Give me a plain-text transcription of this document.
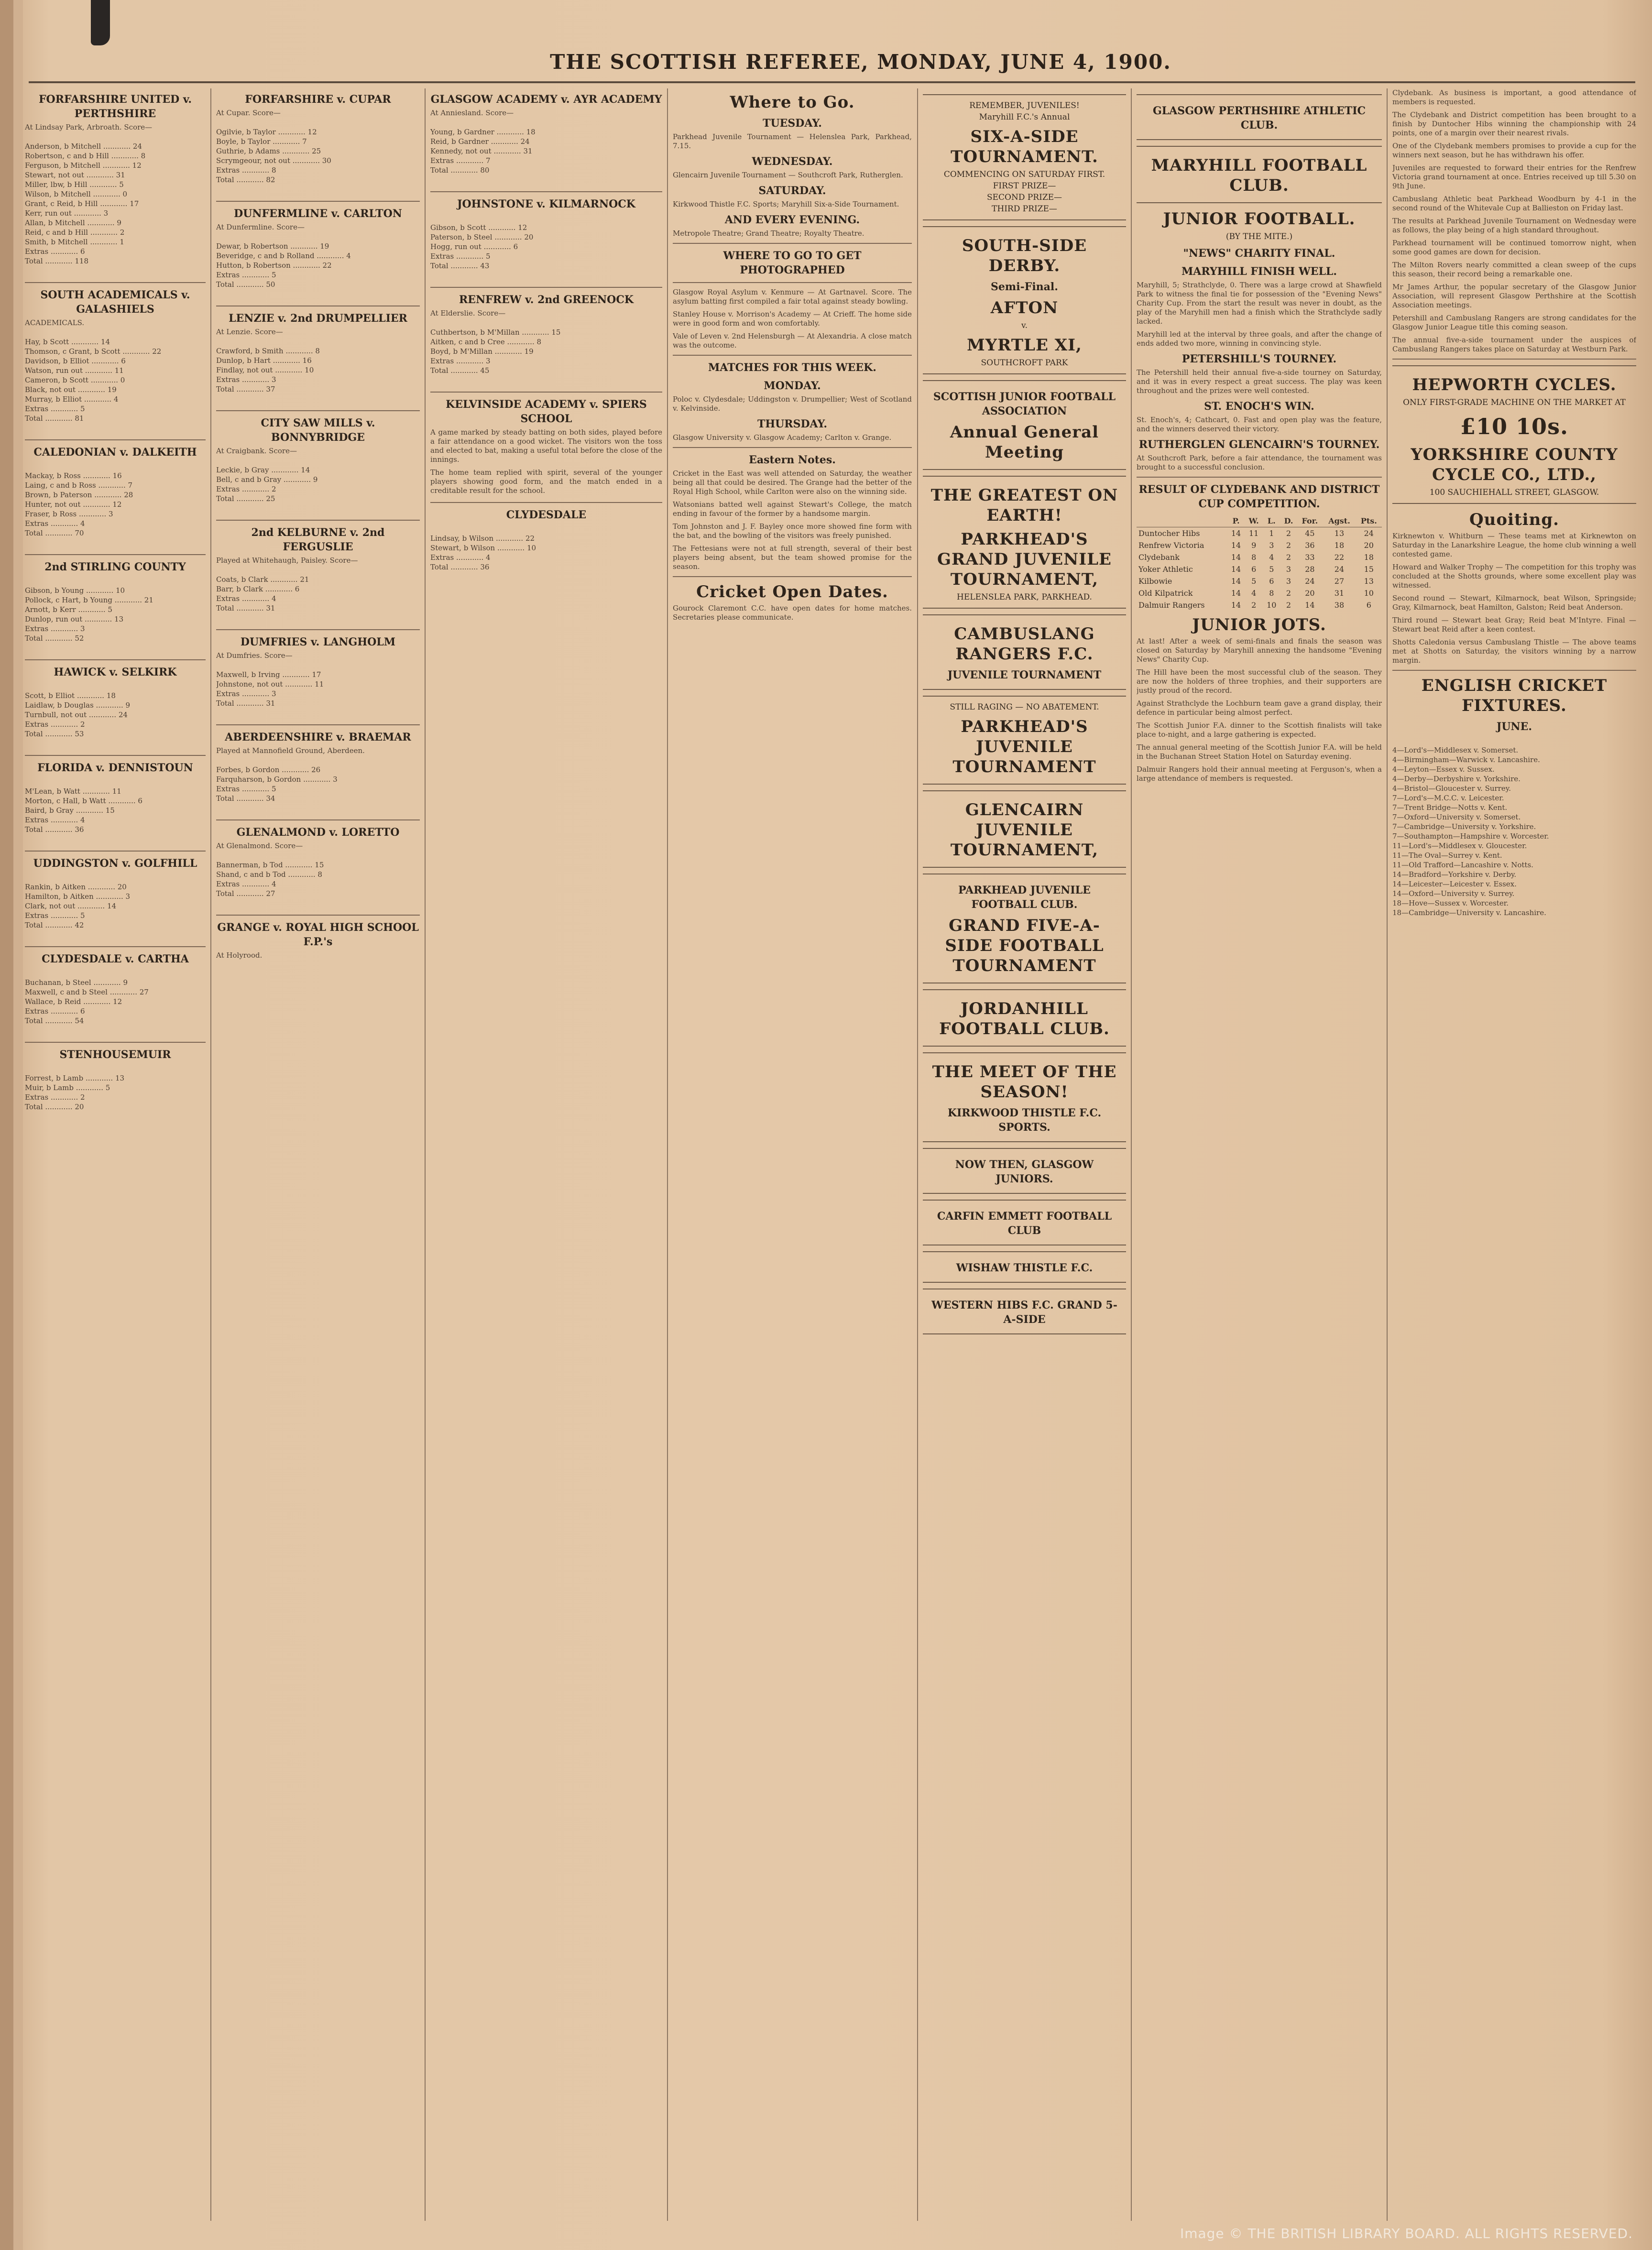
THE SCOTTISH REFEREE, MONDAY, JUNE 4, 1900.
FORFARSHIRE UNITED v. PERTHSHIRE
At Lindsay Park, Arbroath. Score—

Anderson, b Mitchell ............ 24
Robertson, c and b Hill ............ 8
Ferguson, b Mitchell ............ 12
Stewart, not out ............ 31
Miller, lbw, b Hill ............ 5
Wilson, b Mitchell ............ 0
Grant, c Reid, b Hill ............ 17
Kerr, run out ............ 3
Allan, b Mitchell ............ 9
Reid, c and b Hill ............ 2
Smith, b Mitchell ............ 1
Extras ............ 6
Total ............ 118

SOUTH ACADEMICALS v. GALASHIELS
ACADEMICALS.

Hay, b Scott ............ 14
Thomson, c Grant, b Scott ............ 22
Davidson, b Elliot ............ 6
Watson, run out ............ 11
Cameron, b Scott ............ 0
Black, not out ............ 19
Murray, b Elliot ............ 4
Extras ............ 5
Total ............ 81

CALEDONIAN v. DALKEITH

Mackay, b Ross ............ 16
Laing, c and b Ross ............ 7
Brown, b Paterson ............ 28
Hunter, not out ............ 12
Fraser, b Ross ............ 3
Extras ............ 4
Total ............ 70

2nd STIRLING COUNTY

Gibson, b Young ............ 10
Pollock, c Hart, b Young ............ 21
Arnott, b Kerr ............ 5
Dunlop, run out ............ 13
Extras ............ 3
Total ............ 52

HAWICK v. SELKIRK

Scott, b Elliot ............ 18
Laidlaw, b Douglas ............ 9
Turnbull, not out ............ 24
Extras ............ 2
Total ............ 53

FLORIDA v. DENNISTOUN

M'Lean, b Watt ............ 11
Morton, c Hall, b Watt ............ 6
Baird, b Gray ............ 15
Extras ............ 4
Total ............ 36

UDDINGSTON v. GOLFHILL

Rankin, b Aitken ............ 20
Hamilton, b Aitken ............ 3
Clark, not out ............ 14
Extras ............ 5
Total ............ 42

CLYDESDALE v. CARTHA

Buchanan, b Steel ............ 9
Maxwell, c and b Steel ............ 27
Wallace, b Reid ............ 12
Extras ............ 6
Total ............ 54

STENHOUSEMUIR

Forrest, b Lamb ............ 13
Muir, b Lamb ............ 5
Extras ............ 2
Total ............ 20

FORFARSHIRE v. CUPAR
At Cupar. Score—

Ogilvie, b Taylor ............ 12
Boyle, b Taylor ............ 7
Guthrie, b Adams ............ 25
Scrymgeour, not out ............ 30
Extras ............ 8
Total ............ 82

DUNFERMLINE v. CARLTON
At Dunfermline. Score—

Dewar, b Robertson ............ 19
Beveridge, c and b Rolland ............ 4
Hutton, b Robertson ............ 22
Extras ............ 5
Total ............ 50

LENZIE v. 2nd DRUMPELLIER
At Lenzie. Score—

Crawford, b Smith ............ 8
Dunlop, b Hart ............ 16
Findlay, not out ............ 10
Extras ............ 3
Total ............ 37

CITY SAW MILLS v. BONNYBRIDGE
At Craigbank. Score—

Leckie, b Gray ............ 14
Bell, c and b Gray ............ 9
Extras ............ 2
Total ............ 25

2nd KELBURNE v. 2nd FERGUSLIE
Played at Whitehaugh, Paisley. Score—

Coats, b Clark ............ 21
Barr, b Clark ............ 6
Extras ............ 4
Total ............ 31

DUMFRIES v. LANGHOLM
At Dumfries. Score—

Maxwell, b Irving ............ 17
Johnstone, not out ............ 11
Extras ............ 3
Total ............ 31

ABERDEENSHIRE v. BRAEMAR
Played at Mannofield Ground, Aberdeen.

Forbes, b Gordon ............ 26
Farquharson, b Gordon ............ 3
Extras ............ 5
Total ............ 34

GLENALMOND v. LORETTO
At Glenalmond. Score—

Bannerman, b Tod ............ 15
Shand, c and b Tod ............ 8
Extras ............ 4
Total ............ 27

GRANGE v. ROYAL HIGH SCHOOL F.P.'s
At Holyrood.
GLASGOW ACADEMY v. AYR ACADEMY
At Anniesland. Score—

Young, b Gardner ............ 18
Reid, b Gardner ............ 24
Kennedy, not out ............ 31
Extras ............ 7
Total ............ 80

JOHNSTONE v. KILMARNOCK

Gibson, b Scott ............ 12
Paterson, b Steel ............ 20
Hogg, run out ............ 6
Extras ............ 5
Total ............ 43

RENFREW v. 2nd GREENOCK
At Elderslie. Score—

Cuthbertson, b M'Millan ............ 15
Aitken, c and b Cree ............ 8
Boyd, b M'Millan ............ 19
Extras ............ 3
Total ............ 45

KELVINSIDE ACADEMY v. SPIERS SCHOOL
A game marked by steady batting on both sides, played before a fair attendance on a good wicket. The visitors won the toss and elected to bat, making a useful total before the close of the innings.
The home team replied with spirit, several of the younger players showing good form, and the match ended in a creditable result for the school.
CLYDESDALE

Lindsay, b Wilson ............ 22
Stewart, b Wilson ............ 10
Extras ............ 4
Total ............ 36

Where to Go.
TUESDAY.
Parkhead Juvenile Tournament — Helenslea Park, Parkhead, 7.15.
WEDNESDAY.
Glencairn Juvenile Tournament — Southcroft Park, Rutherglen.
SATURDAY.
Kirkwood Thistle F.C. Sports; Maryhill Six-a-Side Tournament.
AND EVERY EVENING.
Metropole Theatre; Grand Theatre; Royalty Theatre.
WHERE TO GO TO GET PHOTOGRAPHED
Glasgow Royal Asylum v. Kenmure — At Gartnavel. Score. The asylum batting first compiled a fair total against steady bowling.
Stanley House v. Morrison's Academy — At Crieff. The home side were in good form and won comfortably.
Vale of Leven v. 2nd Helensburgh — At Alexandria. A close match was the outcome.
MATCHES FOR THIS WEEK.
MONDAY.
Poloc v. Clydesdale; Uddingston v. Drumpellier; West of Scotland v. Kelvinside.
THURSDAY.
Glasgow University v. Glasgow Academy; Carlton v. Grange.
Eastern Notes.
Cricket in the East was well attended on Saturday, the weather being all that could be desired. The Grange had the better of the Royal High School, while Carlton were also on the winning side.
Watsonians batted well against Stewart's College, the match ending in favour of the former by a handsome margin.
Tom Johnston and J. F. Bayley once more showed fine form with the bat, and the bowling of the visitors was freely punished.
The Fettesians were not at full strength, several of their best players being absent, but the team showed promise for the season.
Cricket Open Dates.
Gourock Claremont C.C. have open dates for home matches. Secretaries please communicate.
REMEMBER, JUVENILES!
Maryhill F.C.'s Annual
SIX-A-SIDE TOURNAMENT.
COMMENCING ON SATURDAY FIRST.
FIRST PRIZE—
SECOND PRIZE—
THIRD PRIZE—
SOUTH-SIDE DERBY.
Semi-Final.
AFTON
v.
MYRTLE XI,
SOUTHCROFT PARK
SCOTTISH JUNIOR FOOTBALL ASSOCIATION
Annual General Meeting
THE GREATEST ON EARTH!
PARKHEAD'S GRAND JUVENILE TOURNAMENT,
HELENSLEA PARK, PARKHEAD.
CAMBUSLANG RANGERS F.C.
JUVENILE TOURNAMENT
STILL RAGING — NO ABATEMENT.
PARKHEAD'S JUVENILE TOURNAMENT
GLENCAIRN JUVENILE TOURNAMENT,
PARKHEAD JUVENILE FOOTBALL CLUB.
GRAND FIVE-A-SIDE FOOTBALL TOURNAMENT
JORDANHILL FOOTBALL CLUB.
THE MEET OF THE SEASON!
KIRKWOOD THISTLE F.C. SPORTS.
NOW THEN, GLASGOW JUNIORS.
CARFIN EMMETT FOOTBALL CLUB
WISHAW THISTLE F.C.
WESTERN HIBS F.C. GRAND 5-A-SIDE
GLASGOW PERTHSHIRE ATHLETIC CLUB.
MARYHILL FOOTBALL CLUB.
JUNIOR FOOTBALL.
(BY THE MITE.)
"NEWS" CHARITY FINAL.
MARYHILL FINISH WELL.
Maryhill, 5; Strathclyde, 0. There was a large crowd at Shawfield Park to witness the final tie for possession of the "Evening News" Charity Cup. From the start the result was never in doubt, as the play of the Maryhill men had a finish which the Strathclyde sadly lacked.
Maryhill led at the interval by three goals, and after the change of ends added two more, winning in convincing style.
PETERSHILL'S TOURNEY.
The Petershill held their annual five-a-side tourney on Saturday, and it was in every respect a great success. The play was keen throughout and the prizes were well contested.
ST. ENOCH'S WIN.
St. Enoch's, 4; Cathcart, 0. Fast and open play was the feature, and the winners deserved their victory.
RUTHERGLEN GLENCAIRN'S TOURNEY.
At Southcroft Park, before a fair attendance, the tournament was brought to a successful conclusion.
RESULT OF CLYDEBANK AND DISTRICT CUP COMPETITION.
	P.	W.	L.	D.	For.	Agst.	Pts.
Duntocher Hibs	14	11	1	2	45	13	24
Renfrew Victoria	14	9	3	2	36	18	20
Clydebank	14	8	4	2	33	22	18
Yoker Athletic	14	6	5	3	28	24	15
Kilbowie	14	5	6	3	24	27	13
Old Kilpatrick	14	4	8	2	20	31	10
Dalmuir Rangers	14	2	10	2	14	38	6
JUNIOR JOTS.
At last! After a week of semi-finals and finals the season was closed on Saturday by Maryhill annexing the handsome "Evening News" Charity Cup.
The Hill have been the most successful club of the season. They are now the holders of three trophies, and their supporters are justly proud of the record.
Against Strathclyde the Lochburn team gave a grand display, their defence in particular being almost perfect.
The Scottish Junior F.A. dinner to the Scottish finalists will take place to-night, and a large gathering is expected.
The annual general meeting of the Scottish Junior F.A. will be held in the Buchanan Street Station Hotel on Saturday evening.
Dalmuir Rangers hold their annual meeting at Ferguson's, when a large attendance of members is requested.
Clydebank. As business is important, a good attendance of members is requested.
The Clydebank and District competition has been brought to a finish by Duntocher Hibs winning the championship with 24 points, one of a margin over their nearest rivals.
One of the Clydebank members promises to provide a cup for the winners next season, but he has withdrawn his offer.
Juveniles are requested to forward their entries for the Renfrew Victoria grand tournament at once. Entries received up till 5.30 on 9th June.
Cambuslang Athletic beat Parkhead Woodburn by 4-1 in the second round of the Whitevale Cup at Ballieston on Friday last.
The results at Parkhead Juvenile Tournament on Wednesday were as follows, the play being of a high standard throughout.
Parkhead tournament will be continued tomorrow night, when some good games are down for decision.
The Milton Rovers nearly committed a clean sweep of the cups this season, their record being a remarkable one.
Mr James Arthur, the popular secretary of the Glasgow Junior Association, will represent Glasgow Perthshire at the Scottish Association meetings.
Petershill and Cambuslang Rangers are strong candidates for the Glasgow Junior League title this coming season.
The annual five-a-side tournament under the auspices of Cambuslang Rangers takes place on Saturday at Westburn Park.
HEPWORTH CYCLES.
ONLY FIRST-GRADE MACHINE ON THE MARKET AT
£10 10s.
YORKSHIRE COUNTY CYCLE CO., LTD.,
100 SAUCHIEHALL STREET, GLASGOW.
Quoiting.
Kirknewton v. Whitburn — These teams met at Kirknewton on Saturday in the Lanarkshire League, the home club winning a well contested game.
Howard and Walker Trophy — The competition for this trophy was concluded at the Shotts grounds, where some excellent play was witnessed.
Second round — Stewart, Kilmarnock, beat Wilson, Springside; Gray, Kilmarnock, beat Hamilton, Galston; Reid beat Anderson.
Third round — Stewart beat Gray; Reid beat M'Intyre. Final — Stewart beat Reid after a keen contest.
Shotts Caledonia versus Cambuslang Thistle — The above teams met at Shotts on Saturday, the visitors winning by a narrow margin.
ENGLISH CRICKET FIXTURES.
JUNE.

4—Lord's—Middlesex v. Somerset.
4—Birmingham—Warwick v. Lancashire.
4—Leyton—Essex v. Sussex.
4—Derby—Derbyshire v. Yorkshire.
4—Bristol—Gloucester v. Surrey.
7—Lord's—M.C.C. v. Leicester.
7—Trent Bridge—Notts v. Kent.
7—Oxford—University v. Somerset.
7—Cambridge—University v. Yorkshire.
7—Southampton—Hampshire v. Worcester.
11—Lord's—Middlesex v. Gloucester.
11—The Oval—Surrey v. Kent.
11—Old Trafford—Lancashire v. Notts.
14—Bradford—Yorkshire v. Derby.
14—Leicester—Leicester v. Essex.
14—Oxford—University v. Surrey.
18—Hove—Sussex v. Worcester.
18—Cambridge—University v. Lancashire.

Image © THE BRITISH LIBRARY BOARD. ALL RIGHTS RESERVED.
